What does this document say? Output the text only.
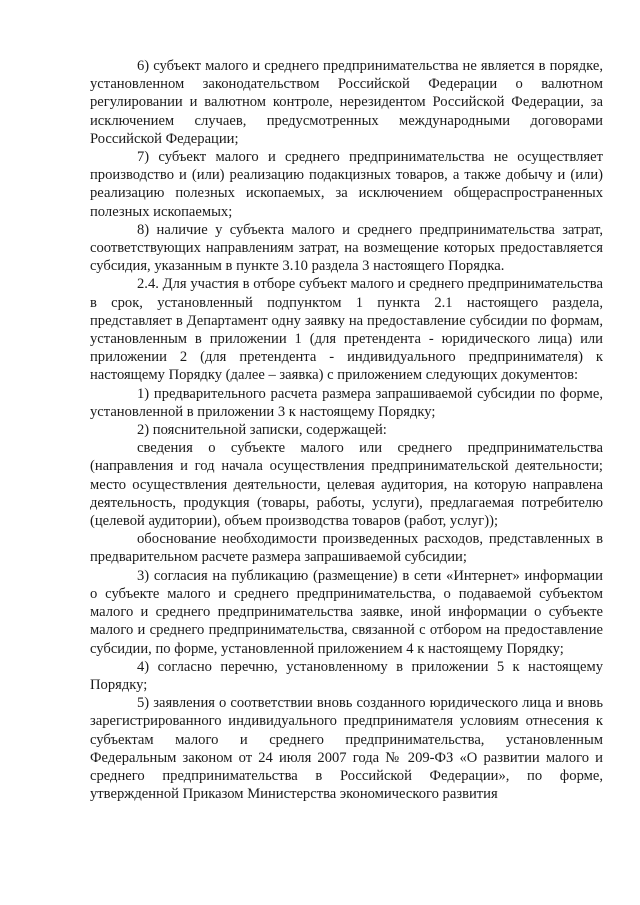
6) субъект малого и среднего предпринимательства не является в порядке, установленном законодательством Российской Федерации о валютном регулировании и валютном контроле, нерезидентом Российской Федерации, за исключением случаев, предусмотренных международными договорами Российской Федерации;

7) субъект малого и среднего предпринимательства не осуществляет производство и (или) реализацию подакцизных товаров, а также добычу и (или) реализацию полезных ископаемых, за исключением общераспространенных полезных ископаемых;

8) наличие у субъекта малого и среднего предпринимательства затрат, соответствующих направлениям затрат, на возмещение которых предоставляется субсидия, указанным в пункте 3.10 раздела 3 настоящего Порядка.

2.4. Для участия в отборе субъект малого и среднего предпринимательства в срок, установленный подпунктом 1 пункта 2.1 настоящего раздела, представляет в Департамент одну заявку на предоставление субсидии по формам, установленным в приложении 1 (для претендента - юридического лица) или приложении 2 (для претендента - индивидуального предпринимателя) к настоящему Порядку (далее – заявка) с приложением следующих документов:

1) предварительного расчета размера запрашиваемой субсидии по форме, установленной в приложении 3 к настоящему Порядку;

2) пояснительной записки, содержащей:

сведения о субъекте малого или среднего предпринимательства (направления и год начала осуществления предпринимательской деятельности; место осуществления деятельности, целевая аудитория, на которую направлена деятельность, продукция (товары, работы, услуги), предлагаемая потребителю (целевой аудитории), объем производства товаров (работ, услуг));

обоснование необходимости произведенных расходов, представленных в предварительном расчете размера запрашиваемой субсидии;

3) согласия на публикацию (размещение) в сети «Интернет» информации о субъекте малого и среднего предпринимательства, о подаваемой субъектом малого и среднего предпринимательства заявке, иной информации о субъекте малого и среднего предпринимательства, связанной с отбором на предоставление субсидии, по форме, установленной приложением 4 к настоящему Порядку;

4) согласно перечню, установленному в приложении 5 к настоящему Порядку;

5) заявления о соответствии вновь созданного юридического лица и вновь зарегистрированного индивидуального предпринимателя условиям отнесения к субъектам малого и среднего предпринимательства, установленным Федеральным законом от 24 июля 2007 года № 209-ФЗ «О развитии малого и среднего предпринимательства в Российской Федерации», по форме, утвержденной Приказом Министерства экономического развития
